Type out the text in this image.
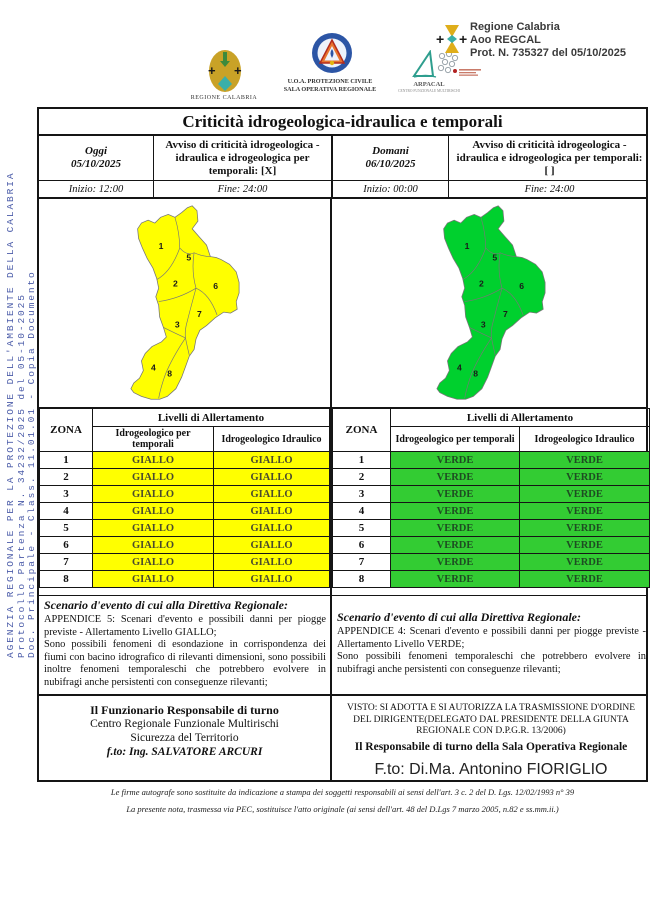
+ +
REGIONE CALABRIA
U.O.A. PROTEZIONE CIVILE
SALA OPERATIVA REGIONALE
ARPACAL
CENTRO FUNZIONALE MULTIRISCHI
+ +
Regione Calabria
Aoo REGCAL
Prot. N. 735327 del 05/10/2025
AGENZIA REGIONALE PER LA PROTEZIONE DELL'AMBIENTE DELLA CALABRIA Protocollo Partenza N. 34232/2025 del 05-10-2025 Doc. Principale - Class. 11.01.01 - Copia Documento
Criticità idrogeologica-idraulica e temporali
Oggi
05/10/2025
Avviso di criticità idrogeologica - idraulica e idrogeologica per temporali: [X]
Domani
06/10/2025
Avviso di criticità idrogeologica - idraulica e idrogeologica per temporali: [ ]
Inizio: 12:00	Fine: 24:00	Inizio: 00:00	Fine: 24:00
1
5
2	6
7
3
4
8
1
5
2	6
7
3
4
8
ZONA	Livelli di Allertamento	
	Idrogeologico per temporali	Idrogeologico Idraulico
1	GIALLO	GIALLO
2	GIALLO	GIALLO
3	GIALLO	GIALLO
4	GIALLO	GIALLO
5	GIALLO	GIALLO
6	GIALLO	GIALLO
7	GIALLO	GIALLO
8	GIALLO	GIALLO
ZONA	Livelli di Allertamento	
	Idrogeologico per temporali	Idrogeologico Idraulico
1	VERDE	VERDE
2	VERDE	VERDE
3	VERDE	VERDE
4	VERDE	VERDE
5	VERDE	VERDE
6	VERDE	VERDE
7	VERDE	VERDE
8	VERDE	VERDE
Scenario d'evento di cui alla Direttiva Regionale:
APPENDICE 5: Scenari d'evento e possibili danni per piogge previste - Allertamento Livello GIALLO;
Sono possibili fenomeni di esondazione in corrispondenza dei fiumi con bacino idrografico di rilevanti dimensioni, sono possibili inoltre fenomeni temporaleschi che potrebbero evolvere in nubifragi anche persistenti con conseguenze rilevanti;
Scenario d'evento di cui alla Direttiva Regionale:
APPENDICE 4: Scenari d'evento e possibili danni per piogge previste - Allertamento Livello VERDE;
Sono possibili fenomeni temporaleschi che potrebbero evolvere in nubifragi anche persistenti con conseguenze rilevanti;
Il Funzionario Responsabile di turno
Centro Regionale Funzionale Multirischi
Sicurezza del Territorio
f.to: Ing. SALVATORE ARCURI
VISTO: SI ADOTTA E SI AUTORIZZA LA TRASMISSIONE D'ORDINE DEL DIRIGENTE(DELEGATO DAL PRESIDENTE DELLA GIUNTA REGIONALE CON D.P.G.R. 13/2006)
Il Responsabile di turno della Sala Operativa Regionale
F.to: Di.Ma. Antonino FIORIGLIO
Le firme autografe sono sostituite da indicazione a stampa dei soggetti responsabili ai sensi dell'art. 3 c. 2 del D. Lgs. 12/02/1993 n° 39
La presente nota, trasmessa via PEC, sostituisce l'atto originale (ai sensi dell'art. 48 del D.Lgs 7 marzo 2005, n.82 e ss.mm.ii.)
